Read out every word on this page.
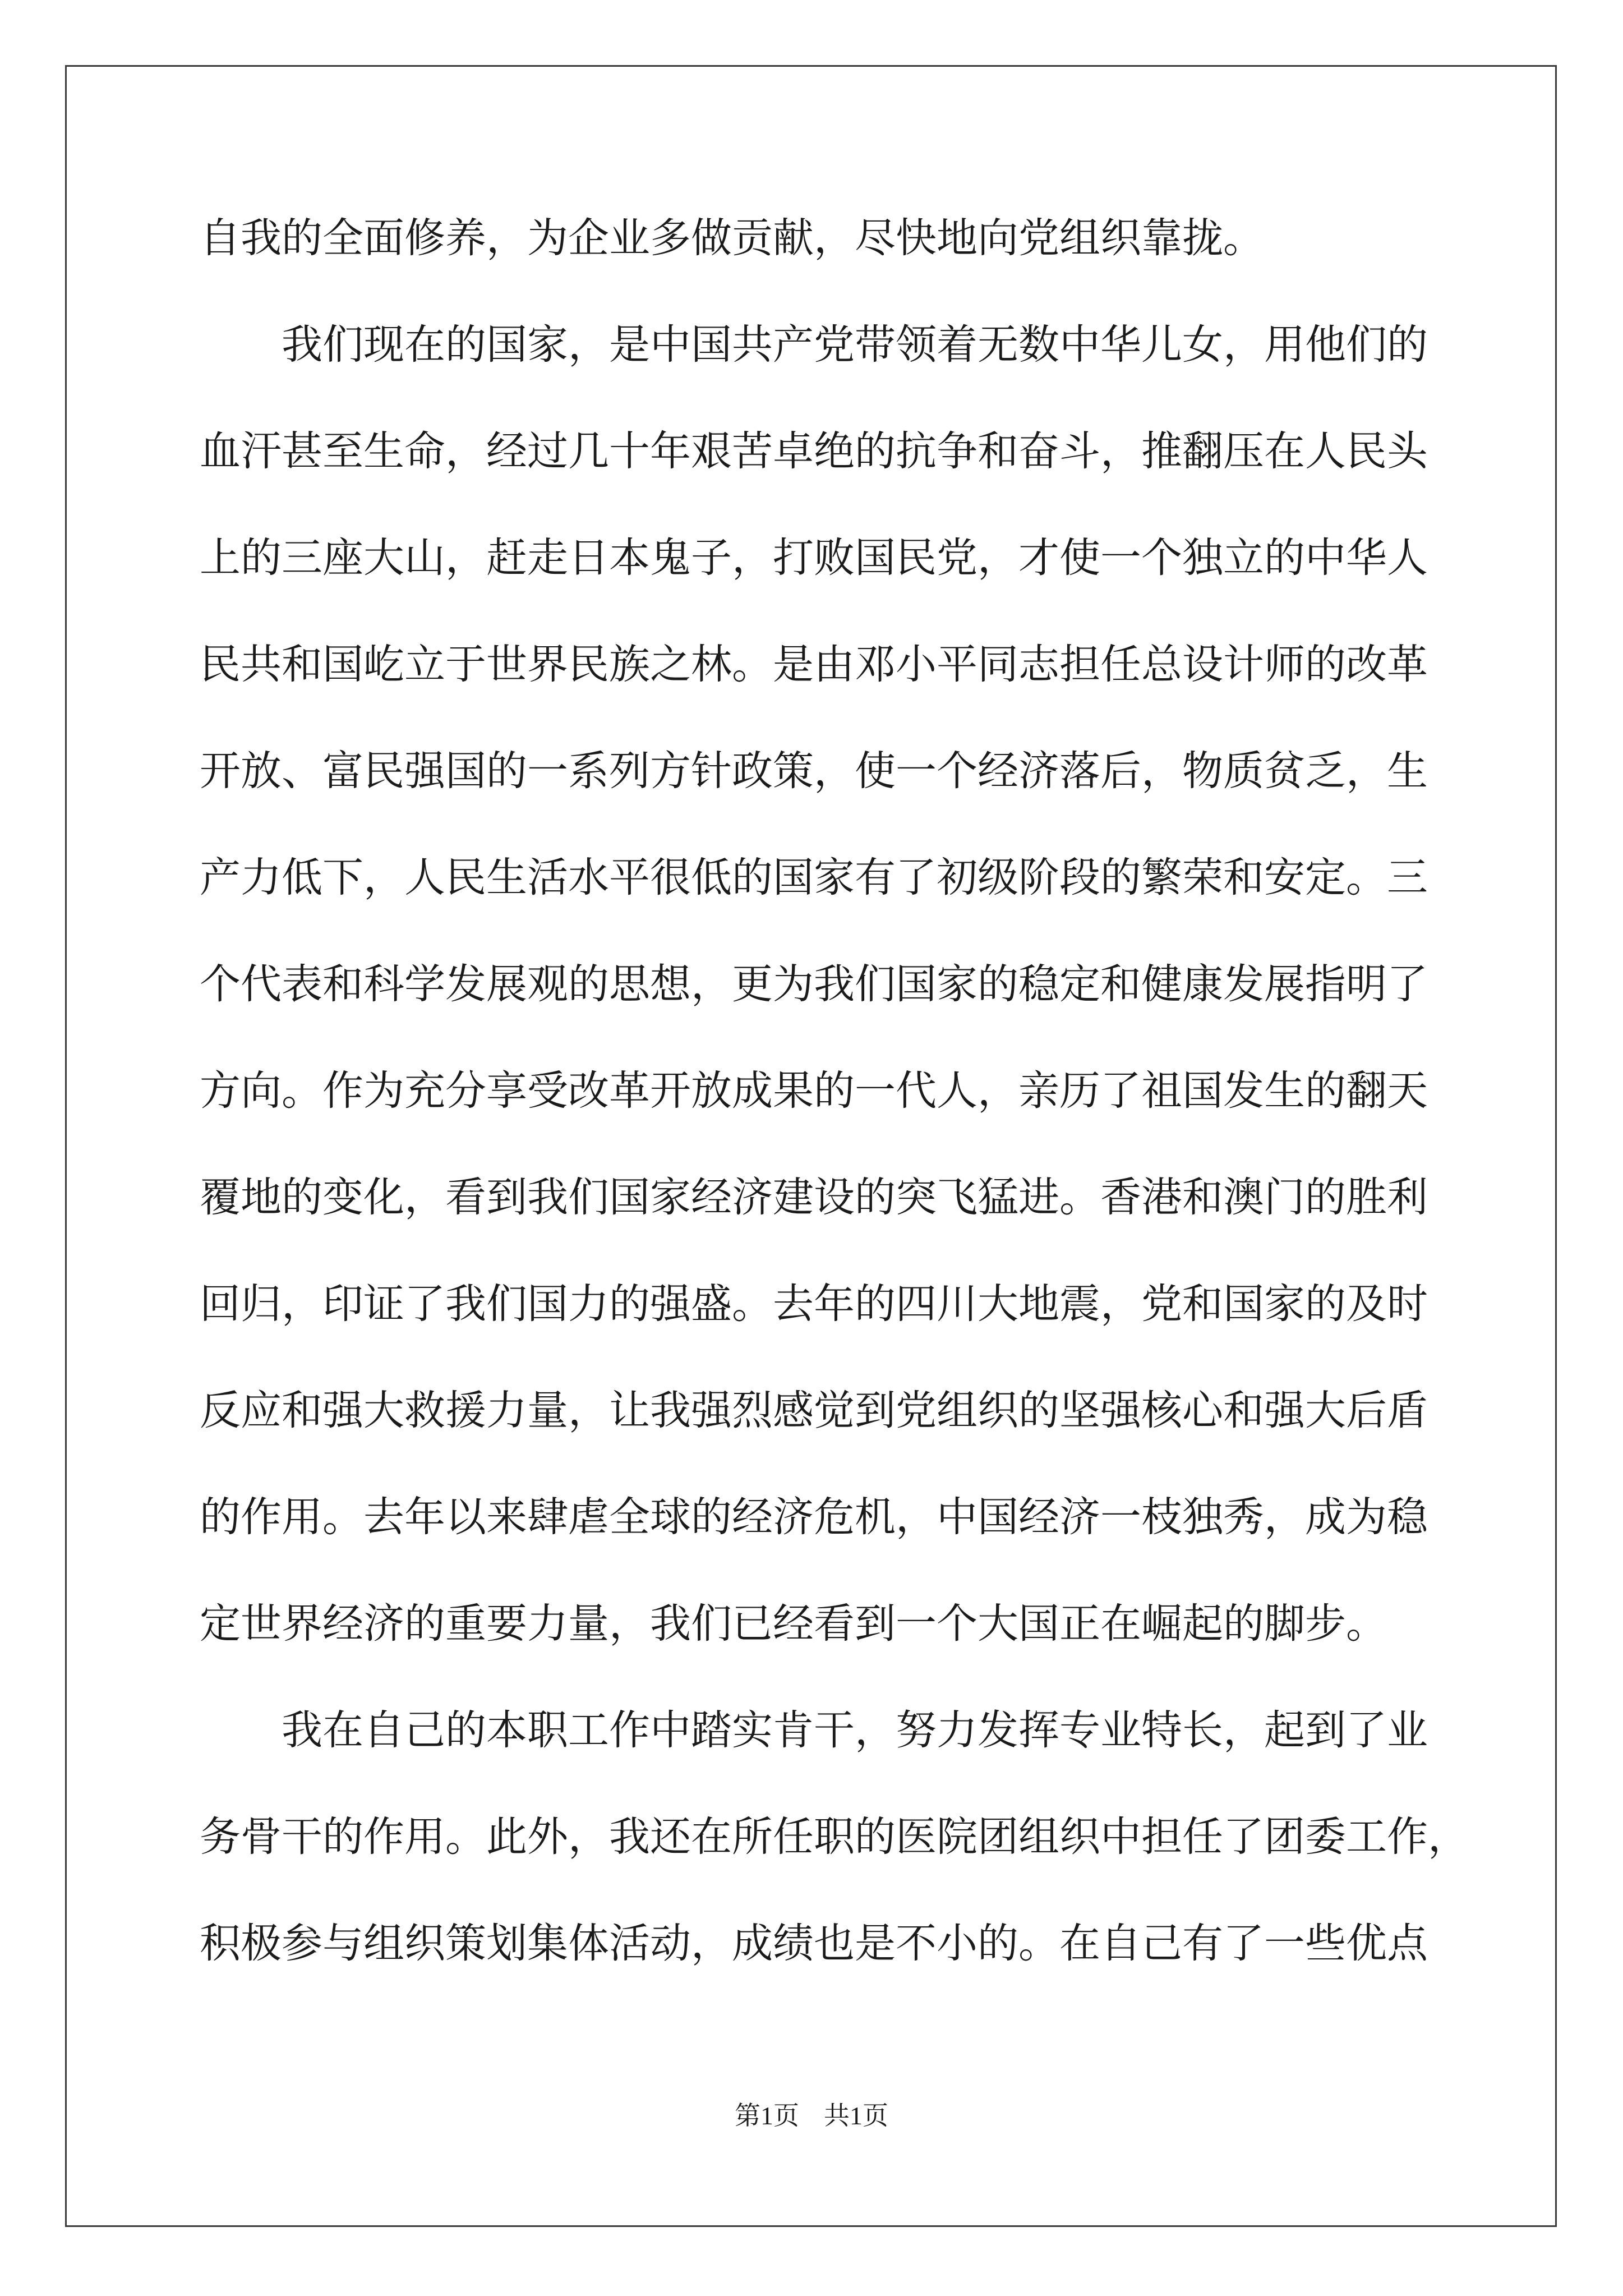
自我的全面修养，为企业多做贡献，尽快地向党组织靠拢。
我们现在的国家，是中国共产党带领着无数中华儿女，用他们的
血汗甚至生命，经过几十年艰苦卓绝的抗争和奋斗，推翻压在人民头
上的三座大山，赶走日本鬼子，打败国民党，才使一个独立的中华人
民共和国屹立于世界民族之林。是由邓小平同志担任总设计师的改革
开放、富民强国的一系列方针政策，使一个经济落后，物质贫乏，生
产力低下，人民生活水平很低的国家有了初级阶段的繁荣和安定。三
个代表和科学发展观的思想，更为我们国家的稳定和健康发展指明了
方向。作为充分享受改革开放成果的一代人，亲历了祖国发生的翻天
覆地的变化，看到我们国家经济建设的突飞猛进。香港和澳门的胜利
回归，印证了我们国力的强盛。去年的四川大地震，党和国家的及时
反应和强大救援力量，让我强烈感觉到党组织的坚强核心和强大后盾
的作用。去年以来肆虐全球的经济危机，中国经济一枝独秀，成为稳
定世界经济的重要力量，我们已经看到一个大国正在崛起的脚步。
我在自己的本职工作中踏实肯干，努力发挥专业特长，起到了业
务骨干的作用。此外，我还在所任职的医院团组织中担任了团委工作，
积极参与组织策划集体活动，成绩也是不小的。在自己有了一些优点
第1页 共1页
